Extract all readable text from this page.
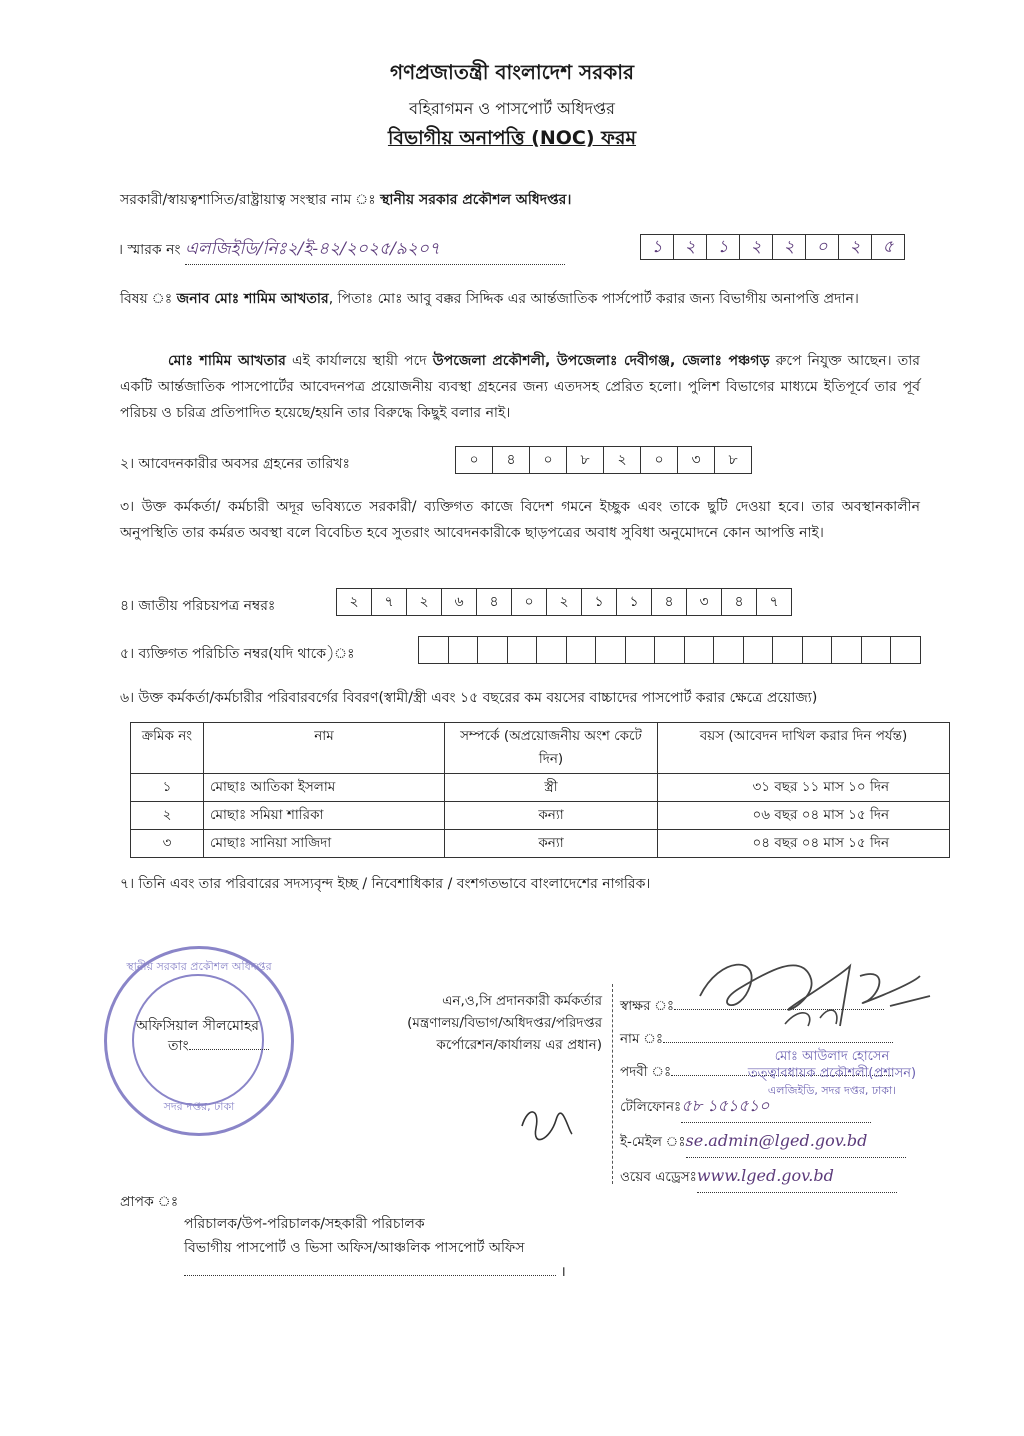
গণপ্রজাতন্ত্রী বাংলাদেশ সরকার
বহিরাগমন ও পাসপোর্ট অধিদপ্তর
বিভাগীয় অনাপত্তি (NOC) ফরম
সরকারী/স্বায়ত্বশাসিত/রাষ্ট্রায়াত্ব সংস্থার নাম ঃ স্থানীয় সরকার প্রকৌশল অধিদপ্তর।
। স্মারক নং এলজিইডি/নিঃ২/ই-৪২/২০২৫/৯২০৭	১	২	১	২	২	০	২	৫
বিষয় ঃ জনাব মোঃ শামিম আখতার, পিতাঃ মোঃ আবু বক্কর সিদ্দিক এর আর্ন্তজাতিক পার্সপোর্ট করার জন্য বিভাগীয় অনাপত্তি প্রদান।
মোঃ শামিম আখতার এই কার্যালয়ে স্থায়ী পদে উপজেলা প্রকৌশলী, উপজেলাঃ দেবীগঞ্জ, জেলাঃ পঞ্চগড় রুপে নিযুক্ত আছেন। তার একটি আর্ন্তজাতিক পাসপোর্টের আবেদনপত্র প্রয়োজনীয় ব্যবস্থা গ্রহনের জন্য এতদসহ প্রেরিত হলো। পুলিশ বিভাগের মাধ্যমে ইতিপূর্বে তার পূর্ব পরিচয় ও চরিত্র প্রতিপাদিত হয়েছে/হয়নি তার বিরুদ্ধে কিছুই বলার নাই।
২। আবেদনকারীর অবসর গ্রহনের তারিখঃ	০	৪	০	৮	২	০	৩	৮
৩। উক্ত কর্মকর্তা/ কর্মচারী অদূর ভবিষ্যতে সরকারী/ ব্যক্তিগত কাজে বিদেশ গমনে ইচ্ছুক এবং তাকে ছুটি দেওয়া হবে। তার অবস্থানকালীন অনুপস্থিতি তার কর্মরত অবস্থা বলে বিবেচিত হবে সুতরাং আবেদনকারীকে ছাড়পত্রের অবাধ সুবিধা অনুমোদনে কোন আপত্তি নাই।
৪। জাতীয় পরিচয়পত্র নম্বরঃ	২	৭	২	৬	৪	০	২	১	১	৪	৩	৪	৭
৫। ব্যক্তিগত পরিচিতি নম্বর(যদি থাকে)ঃ
৬। উক্ত কর্মকর্তা/কর্মচারীর পরিবারবর্গের বিবরণ(স্বামী/স্ত্রী এবং ১৫ বছরের কম বয়সের বাচ্চাদের পাসপোর্ট করার ক্ষেত্রে প্রয়োজ্য)
ক্রমিক নং	নাম	সম্পর্কে (অপ্রয়োজনীয় অংশ কেটে দিন)	বয়স (আবেদন দাখিল করার দিন পর্যন্ত)
১	মোছাঃ আতিকা ইসলাম	স্ত্রী	৩১ বছর ১১ মাস ১০ দিন
২	মোছাঃ সমিয়া শারিকা	কন্যা	০৬ বছর ০৪ মাস ১৫ দিন
৩	মোছাঃ সানিয়া সাজিদা	কন্যা	০৪ বছর ০৪ মাস ১৫ দিন
৭। তিনি এবং তার পরিবারের সদস্যবৃন্দ ইচ্ছ / নিবেশাধিকার / বংশগতভাবে বাংলাদেশের নাগরিক।
স্থানীয় সরকার প্রকৌশল অধিদপ্তর
সদর দপ্তর, ঢাকা
অফিসিয়াল সীলমোহর
তাং
এন,ও,সি প্রদানকারী কর্মকর্তার
(মন্ত্রণালয়/বিভাগ/অধিদপ্তর/পরিদপ্তর
কর্পোরেশন/কার্যালয় এর প্রধান)
স্বাক্ষর ঃ
নাম ঃ
পদবী ঃ
টেলিফোনঃ৫৮ ১৫১৫১০
ই-মেইল ঃse.admin@lged.gov.bd
ওয়েব এড্রেসঃwww.lged.gov.bd
মোঃ আউলাদ হোসেন
তত্ত্বাবধায়ক প্রকৌশলী(প্রশাসন)
এলজিইডি, সদর দপ্তর, ঢাকা।
প্রাপক ঃ
পরিচালক/উপ-পরিচালক/সহকারী পরিচালক
বিভাগীয় পাসপোর্ট ও ভিসা অফিস/আঞ্চলিক পাসপোর্ট অফিস
।
